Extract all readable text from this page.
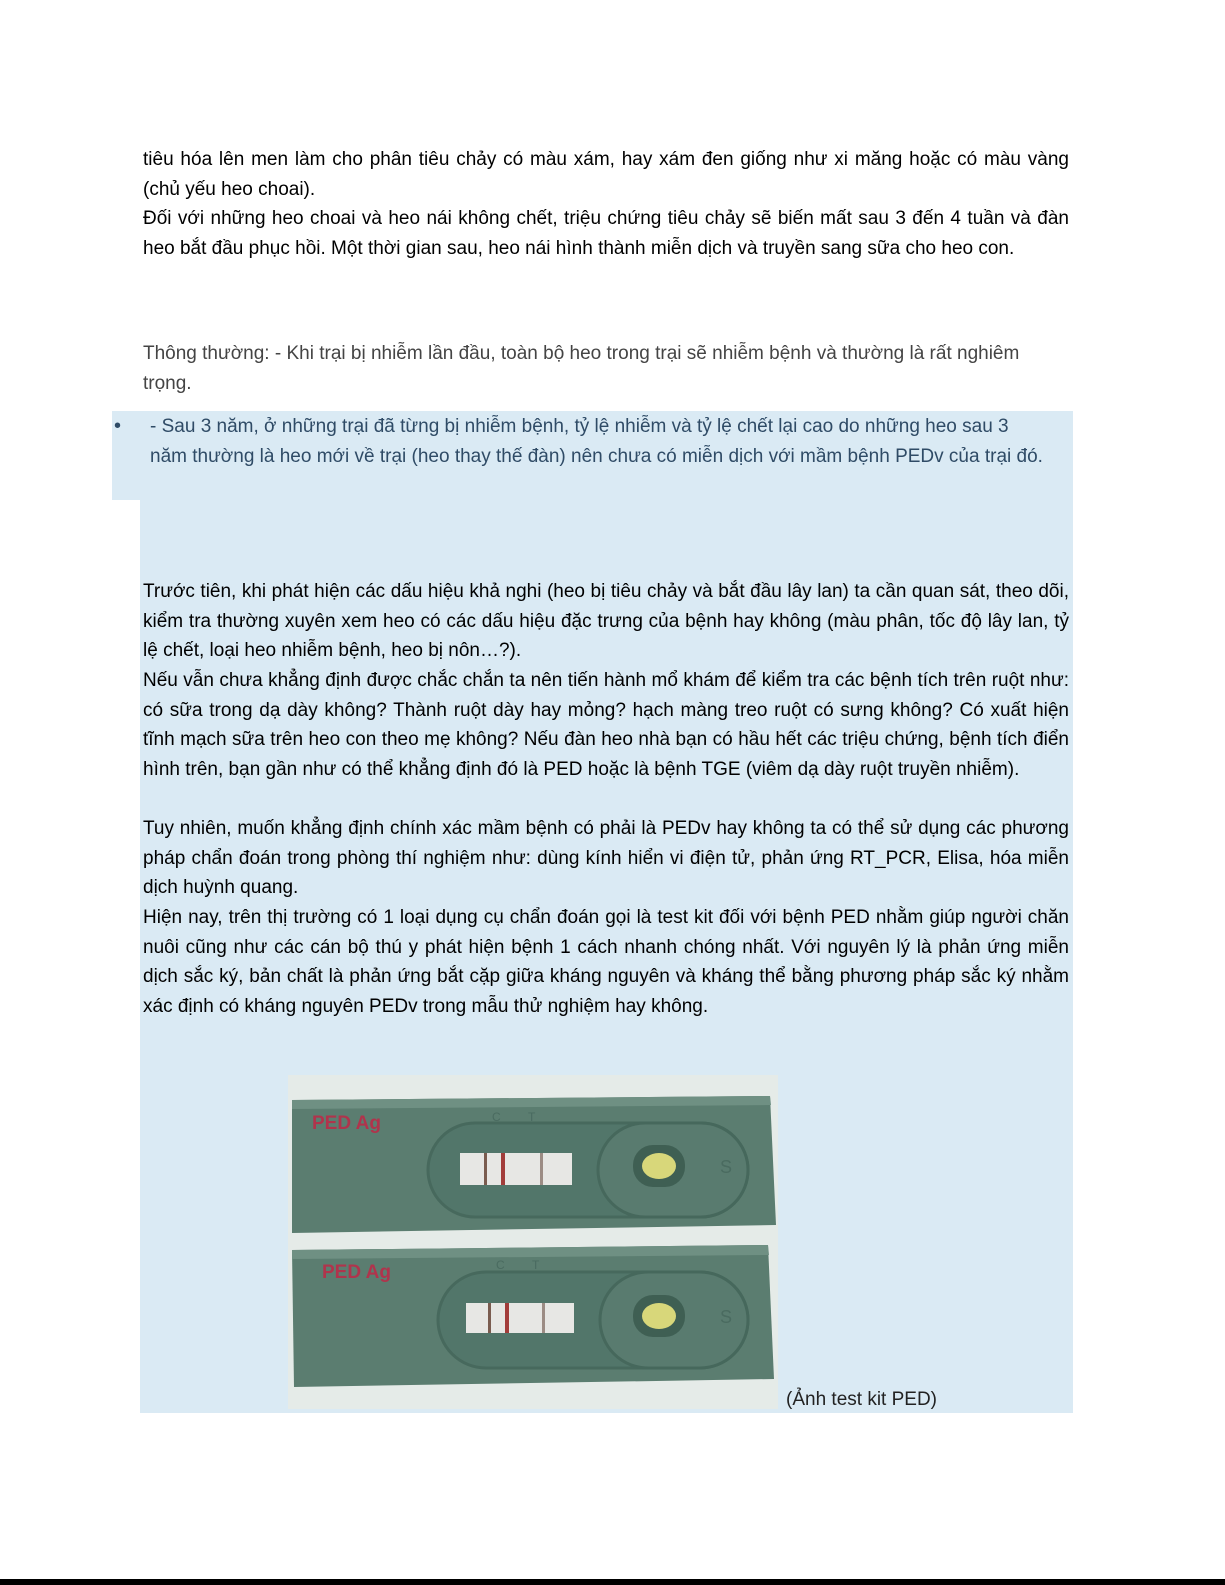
tiêu hóa lên men làm cho phân tiêu chảy có màu xám, hay xám đen giống như xi măng hoặc có màu vàng (chủ yếu heo choai).

Đối với những heo choai và heo nái không chết, triệu chứng tiêu chảy sẽ biến mất sau 3 đến 4 tuần và đàn heo bắt đầu phục hồi. Một thời gian sau, heo nái hình thành miễn dịch và truyền sang sữa cho heo con.

Thông thường: - Khi trại bị nhiễm lần đầu, toàn bộ heo trong trại sẽ nhiễm bệnh và thường là rất nghiêm trọng.

• - Sau 3 năm, ở những trại đã từng bị nhiễm bệnh, tỷ lệ nhiễm và tỷ lệ chết lại cao do những heo sau 3 năm thường là heo mới về trại (heo thay thế đàn) nên chưa có miễn dịch với mầm bệnh PEDv của trại đó.

Trước tiên, khi phát hiện các dấu hiệu khả nghi (heo bị tiêu chảy và bắt đầu lây lan) ta cần quan sát, theo dõi, kiểm tra thường xuyên xem heo có các dấu hiệu đặc trưng của bệnh hay không (màu phân, tốc độ lây lan, tỷ lệ chết, loại heo nhiễm bệnh, heo bị nôn…?).

Nếu vẫn chưa khẳng định được chắc chắn ta nên tiến hành mổ khám để kiểm tra các bệnh tích trên ruột như: có sữa trong dạ dày không? Thành ruột dày hay mỏng? hạch màng treo ruột có sưng không? Có xuất hiện tĩnh mạch sữa trên heo con theo mẹ không? Nếu đàn heo nhà bạn có hầu hết các triệu chứng, bệnh tích điển hình trên, bạn gần như có thể khẳng định đó là PED hoặc là bệnh TGE (viêm dạ dày ruột truyền nhiễm).

Tuy nhiên, muốn khẳng định chính xác mầm bệnh có phải là PEDv hay không ta có thể sử dụng các phương pháp chẩn đoán trong phòng thí nghiệm như: dùng kính hiển vi điện tử, phản ứng RT_PCR, Elisa, hóa miễn dịch huỳnh quang.

Hiện nay, trên thị trường có 1 loại dụng cụ chẩn đoán gọi là test kit đối với bệnh PED nhằm giúp người chăn nuôi cũng như các cán bộ thú y phát hiện bệnh 1 cách nhanh chóng nhất. Với nguyên lý là phản ứng miễn dịch sắc ký, bản chất là phản ứng bắt cặp giữa kháng nguyên và kháng thể bằng phương pháp sắc ký nhằm xác định có kháng nguyên PEDv trong mẫu thử nghiệm hay không.

PED Ag	C T
S
PED Ag	C T
S
(Ảnh test kit PED)
